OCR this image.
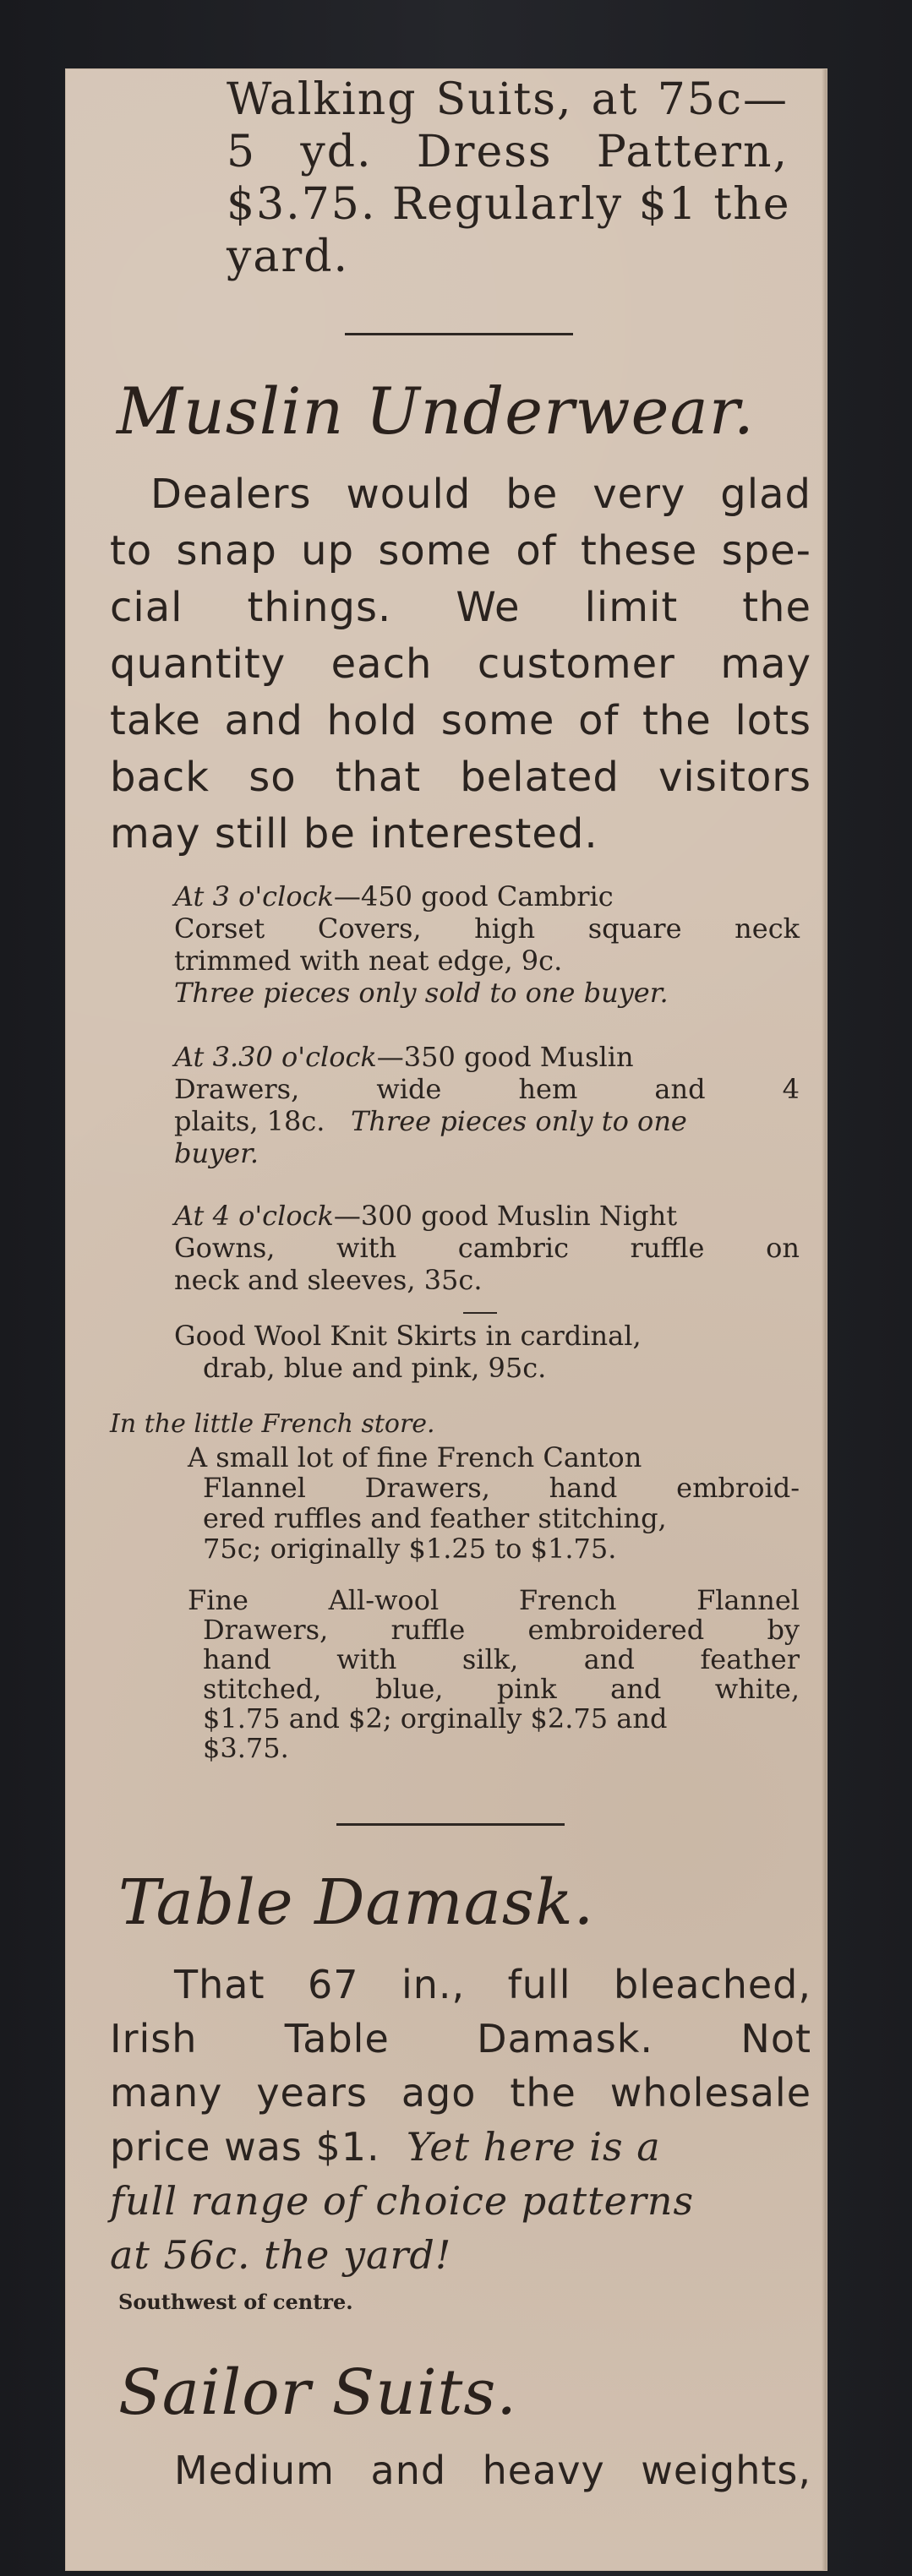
Walking Suits, at 75c—
5 yd. Dress Pattern,
$3.75. Regularly $1 the
yard.
Muslin Underwear.
Dealers would be very glad
to snap up some of these spe-
cial things. We limit the
quantity each customer may
take and hold some of the lots
back so that belated visitors
may still be interested.
At 3 o'clock—450 good Cambric
Corset Covers, high square neck
trimmed with neat edge, 9c.
Three pieces only sold to one buyer.
At 3.30 o'clock—350 good Muslin
Drawers, wide hem and 4
plaits, 18c. Three pieces only to one
buyer.
At 4 o'clock—300 good Muslin Night
Gowns, with cambric ruffle on
neck and sleeves, 35c.
Good Wool Knit Skirts in cardinal,
drab, blue and pink, 95c.
In the little French store.
A small lot of fine French Canton
Flannel Drawers, hand embroid-
ered ruffles and feather stitching,
75c; originally $1.25 to $1.75.
Fine All-wool French Flannel
Drawers, ruffle embroidered by
hand with silk, and feather
stitched, blue, pink and white,
$1.75 and $2; orginally $2.75 and
$3.75.
Table Damask.
That 67 in., full bleached,
Irish Table Damask. Not
many years ago the wholesale
price was $1. Yet here is a
full range of choice patterns
at 56c. the yard!
Southwest of centre.
Sailor Suits.
Medium and heavy weights,
